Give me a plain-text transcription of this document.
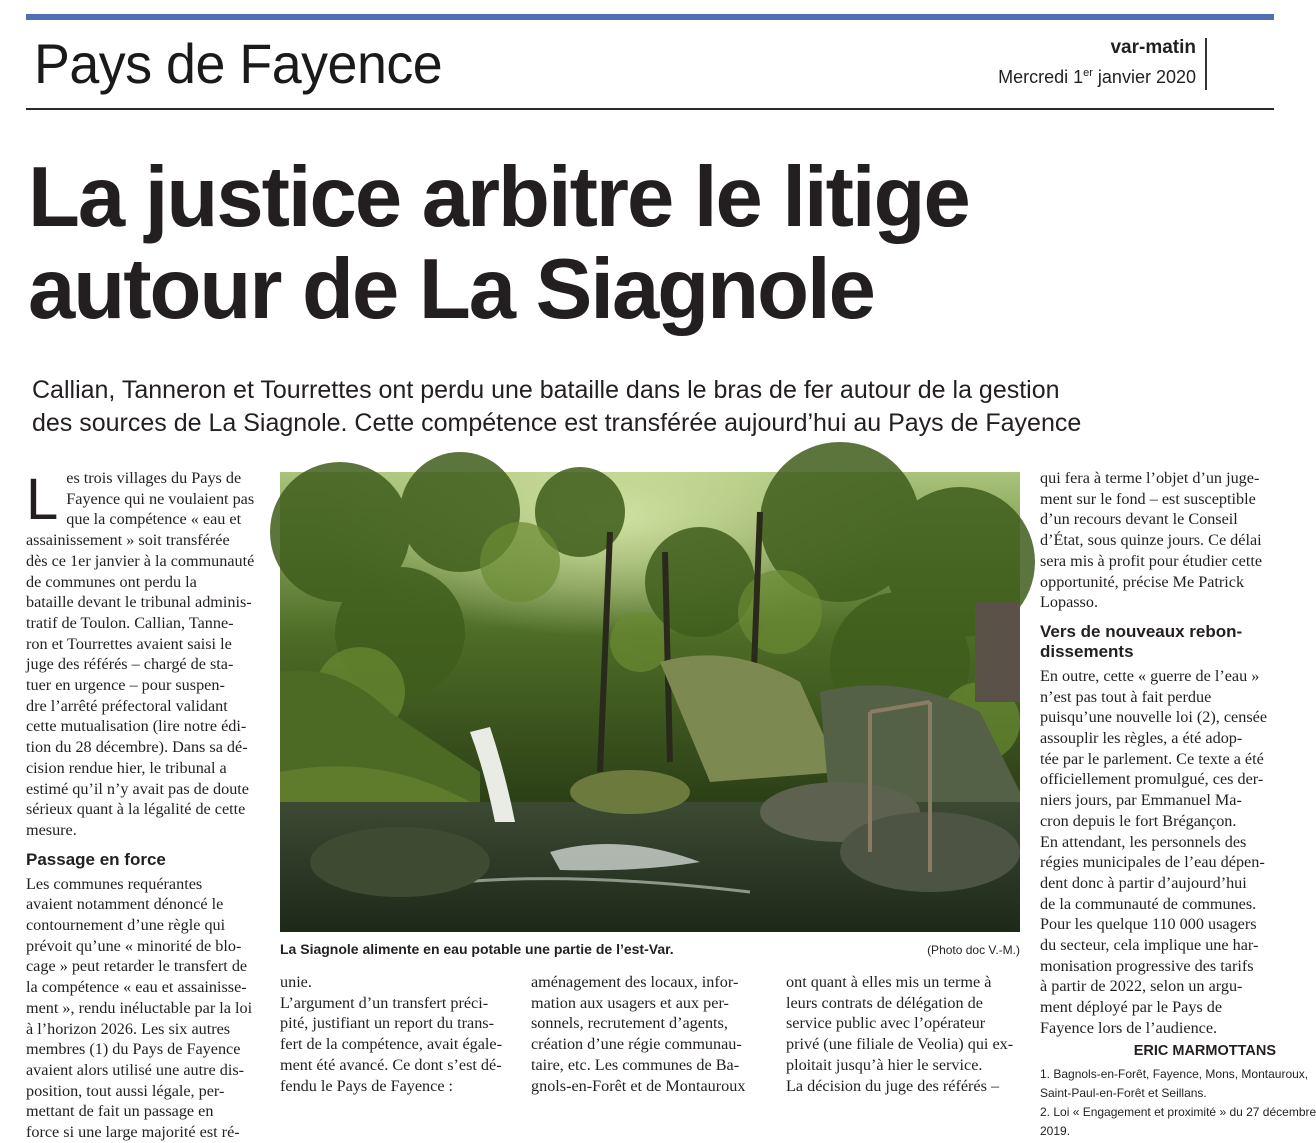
Pays de Fayence	var-matin
Mercredi 1er janvier 2020
La justice arbitre le litige
autour de La Siagnole
Callian, Tanneron et Tourrettes ont perdu une bataille dans le bras de fer autour de la gestion
des sources de La Siagnole. Cette compétence est transférée aujourd’hui au Pays de Fayence
L es trois villages du Pays de
Fayence qui ne voulaient pas
que la compétence « eau et
assainissement » soit transférée
dès ce 1er janvier à la communauté
de communes ont perdu la
bataille devant le tribunal adminis-
tratif de Toulon. Callian, Tanne-
ron et Tourrettes avaient saisi le
juge des référés – chargé de sta-
tuer en urgence – pour suspen-
dre l’arrêté préfectoral validant
cette mutualisation (lire notre édi-
tion du 28 décembre). Dans sa dé-
cision rendue hier, le tribunal a
estimé qu’il n’y avait pas de doute
sérieux quant à la légalité de cette
mesure.
Passage en force
Les communes requérantes
avaient notamment dénoncé le
contournement d’une règle qui
prévoit qu’une « minorité de blo-
cage » peut retarder le transfert de
la compétence « eau et assainisse-
ment », rendu inéluctable par la loi
à l’horizon 2026. Les six autres
membres (1) du Pays de Fayence
avaient alors utilisé une autre dis-
position, tout aussi légale, per-
mettant de fait un passage en
force si une large majorité est ré-
La Siagnole alimente en eau potable une partie de l’est-Var.	(Photo doc V.-M.)
unie.
L’argument d’un transfert préci-
pité, justifiant un report du trans-
fert de la compétence, avait égale-
ment été avancé. Ce dont s’est dé-
fendu le Pays de Fayence :
aménagement des locaux, infor-
mation aux usagers et aux per-
sonnels, recrutement d’agents,
création d’une régie communau-
taire, etc. Les communes de Ba-
gnols-en-Forêt et de Montauroux
ont quant à elles mis un terme à
leurs contrats de délégation de
service public avec l’opérateur
privé (une filiale de Veolia) qui ex-
ploitait jusqu’à hier le service.
La décision du juge des référés –
qui fera à terme l’objet d’un juge-
ment sur le fond – est susceptible
d’un recours devant le Conseil
d’État, sous quinze jours. Ce délai
sera mis à profit pour étudier cette
opportunité, précise Me Patrick
Lopasso.
Vers de nouveaux rebon-
dissements
En outre, cette « guerre de l’eau »
n’est pas tout à fait perdue
puisqu’une nouvelle loi (2), censée
assouplir les règles, a été adop-
tée par le parlement. Ce texte a été
officiellement promulgué, ces der-
niers jours, par Emmanuel Ma-
cron depuis le fort Brégançon.
En attendant, les personnels des
régies municipales de l’eau dépen-
dent donc à partir d’aujourd’hui
de la communauté de communes.
Pour les quelque 110 000 usagers
du secteur, cela implique une har-
monisation progressive des tarifs
à partir de 2022, selon un argu-
ment déployé par le Pays de
Fayence lors de l’audience.
ERIC MARMOTTANS
1. Bagnols-en-Forêt, Fayence, Mons, Montauroux,
Saint-Paul-en-Forêt et Seillans.
2. Loi « Engagement et proximité » du 27 décembre
2019.
